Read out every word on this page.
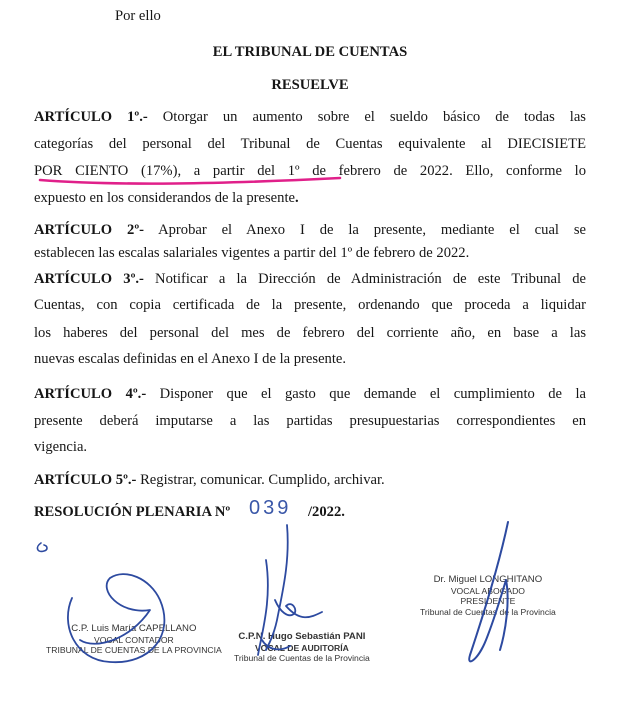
Por ello
EL TRIBUNAL DE CUENTAS
RESUELVE
ARTÍCULO 1º.- Otorgar un aumento sobre el sueldo básico de todas las
categorías del personal del Tribunal de Cuentas equivalente al DIECISIETE
POR CIENTO (17%), a partir del 1º de febrero de 2022. Ello, conforme lo
expuesto en los considerandos de la presente.
ARTÍCULO 2º- Aprobar el Anexo I de la presente, mediante el cual se
establecen las escalas salariales vigentes a partir del 1º de febrero de 2022.
ARTÍCULO 3º.- Notificar a la Dirección de Administración de este Tribunal de
Cuentas, con copia certificada de la presente, ordenando que proceda a liquidar
los haberes del personal del mes de febrero del corriente año, en base a las
nuevas escalas definidas en el Anexo I de la presente.
ARTÍCULO 4º.- Disponer que el gasto que demande el cumplimiento de la
presente deberá imputarse a las partidas presupuestarias correspondientes en
vigencia.
ARTÍCULO 5º.- Registrar, comunicar. Cumplido, archivar.
RESOLUCIÓN PLENARIA Nº 039 /2022.
C.P. Luis María CAPELLANO
VOCAL CONTADOR
TRIBUNAL DE CUENTAS DE LA PROVINCIA
C.P.N. Hugo Sebastián PANI
VOCAL DE AUDITORÍA
Tribunal de Cuentas de la Provincia
Dr. Miguel LONGHITANO
VOCAL ABOGADO
PRESIDENTE
Tribunal de Cuentas de la Provincia
